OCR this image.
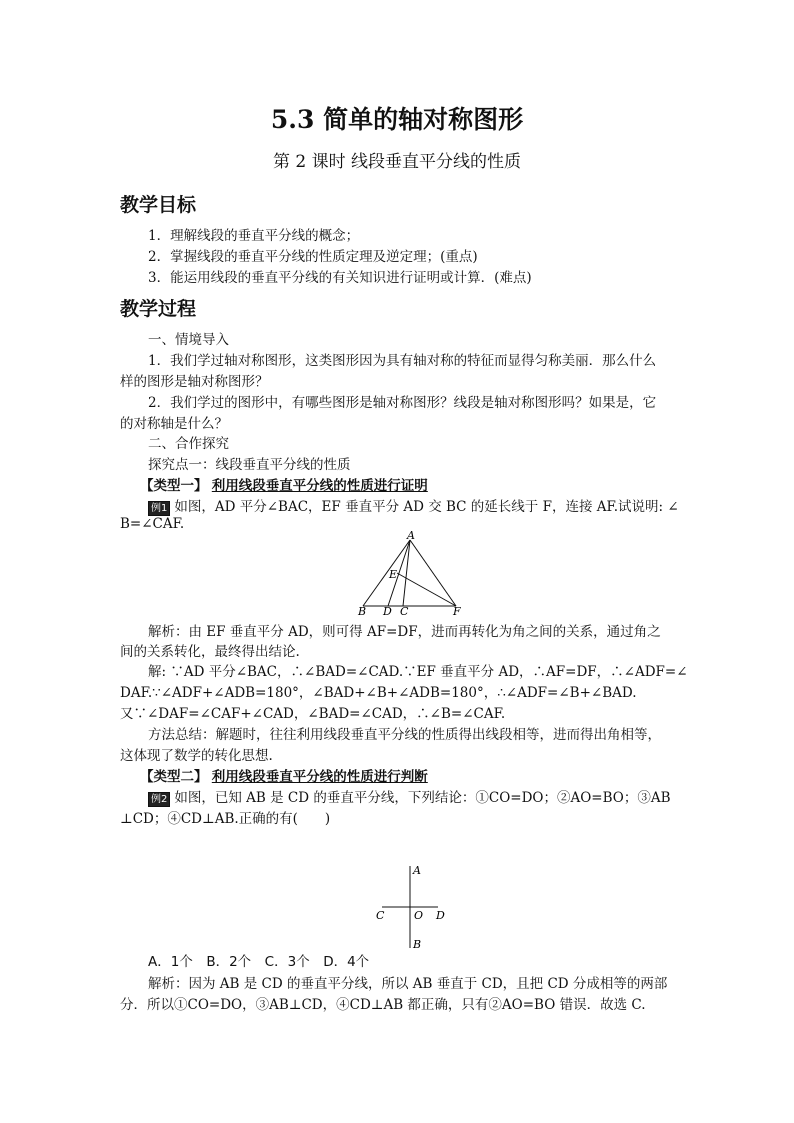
5.3 简单的轴对称图形
第 2 课时 线段垂直平分线的性质
教学目标
1．理解线段的垂直平分线的概念；
2．掌握线段的垂直平分线的性质定理及逆定理；(重点)
3．能运用线段的垂直平分线的有关知识进行证明或计算．(难点)
教学过程
一、情境导入
1．我们学过轴对称图形，这类图形因为具有轴对称的特征而显得匀称美丽．那么什么
样的图形是轴对称图形？
2．我们学过的图形中，有哪些图形是轴对称图形？线段是轴对称图形吗？如果是，它
的对称轴是什么？
二、合作探究
探究点一：线段垂直平分线的性质
【类型一】 利用线段垂直平分线的性质进行证明
例1 如图，AD 平分∠BAC，EF 垂直平分 AD 交 BC 的延长线于 F，连接 AF.试说明: ∠
B=∠CAF.
A
E
B D C	F
解析：由 EF 垂直平分 AD，则可得 AF=DF，进而再转化为角之间的关系，通过角之
间的关系转化，最终得出结论.
解: ∵AD 平分∠BAC，∴∠BAD=∠CAD.∵EF 垂直平分 AD，∴AF=DF，∴∠ADF=∠
DAF.∵∠ADF+∠ADB=180°，∠BAD+∠B+∠ADB=180°，∴∠ADF=∠B+∠BAD.
又∵∠DAF=∠CAF+∠CAD，∠BAD=∠CAD，∴∠B=∠CAF.
方法总结：解题时，往往利用线段垂直平分线的性质得出线段相等，进而得出角相等，
这体现了数学的转化思想.
【类型二】 利用线段垂直平分线的性质进行判断
例2 如图，已知 AB 是 CD 的垂直平分线，下列结论：①CO=DO；②AO=BO；③AB
⊥CD；④CD⊥AB.正确的有(　　)
A
C	O D
B
A．1个　B．2个　C．3个　D．4个
解析：因为 AB 是 CD 的垂直平分线，所以 AB 垂直于 CD，且把 CD 分成相等的两部
分．所以①CO=DO，③AB⊥CD，④CD⊥AB 都正确，只有②AO=BO 错误．故选 C.
